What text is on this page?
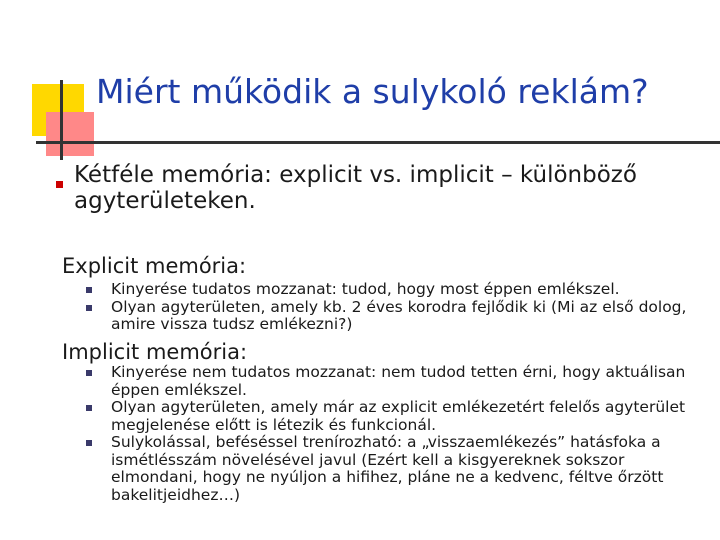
Miért működik a sulykoló reklám?
Kétféle memória: explicit vs. implicit – különböző agyterületeken.
Explicit memória:
Kinyerése tudatos mozzanat: tudod, hogy most éppen emlékszel.
Olyan agyterületen, amely kb. 2 éves korodra fejlődik ki (Mi az első dolog, amire vissza tudsz emlékezni?)
Implicit memória:
Kinyerése nem tudatos mozzanat: nem tudod tetten érni, hogy aktuálisan éppen emlékszel.
Olyan agyterületen, amely már az explicit emlékezetért felelős agyterület megjelenése előtt is létezik és funkcionál.
Sulykolással, beféséssel trenírozható: a „visszaemlékezés” hatásfoka a ismétlésszám növelésével javul (Ezért kell a kisgyereknek sokszor elmondani, hogy ne nyúljon a hifihez, pláne ne a kedvenc, féltve őrzött bakelitjeidhez…)
